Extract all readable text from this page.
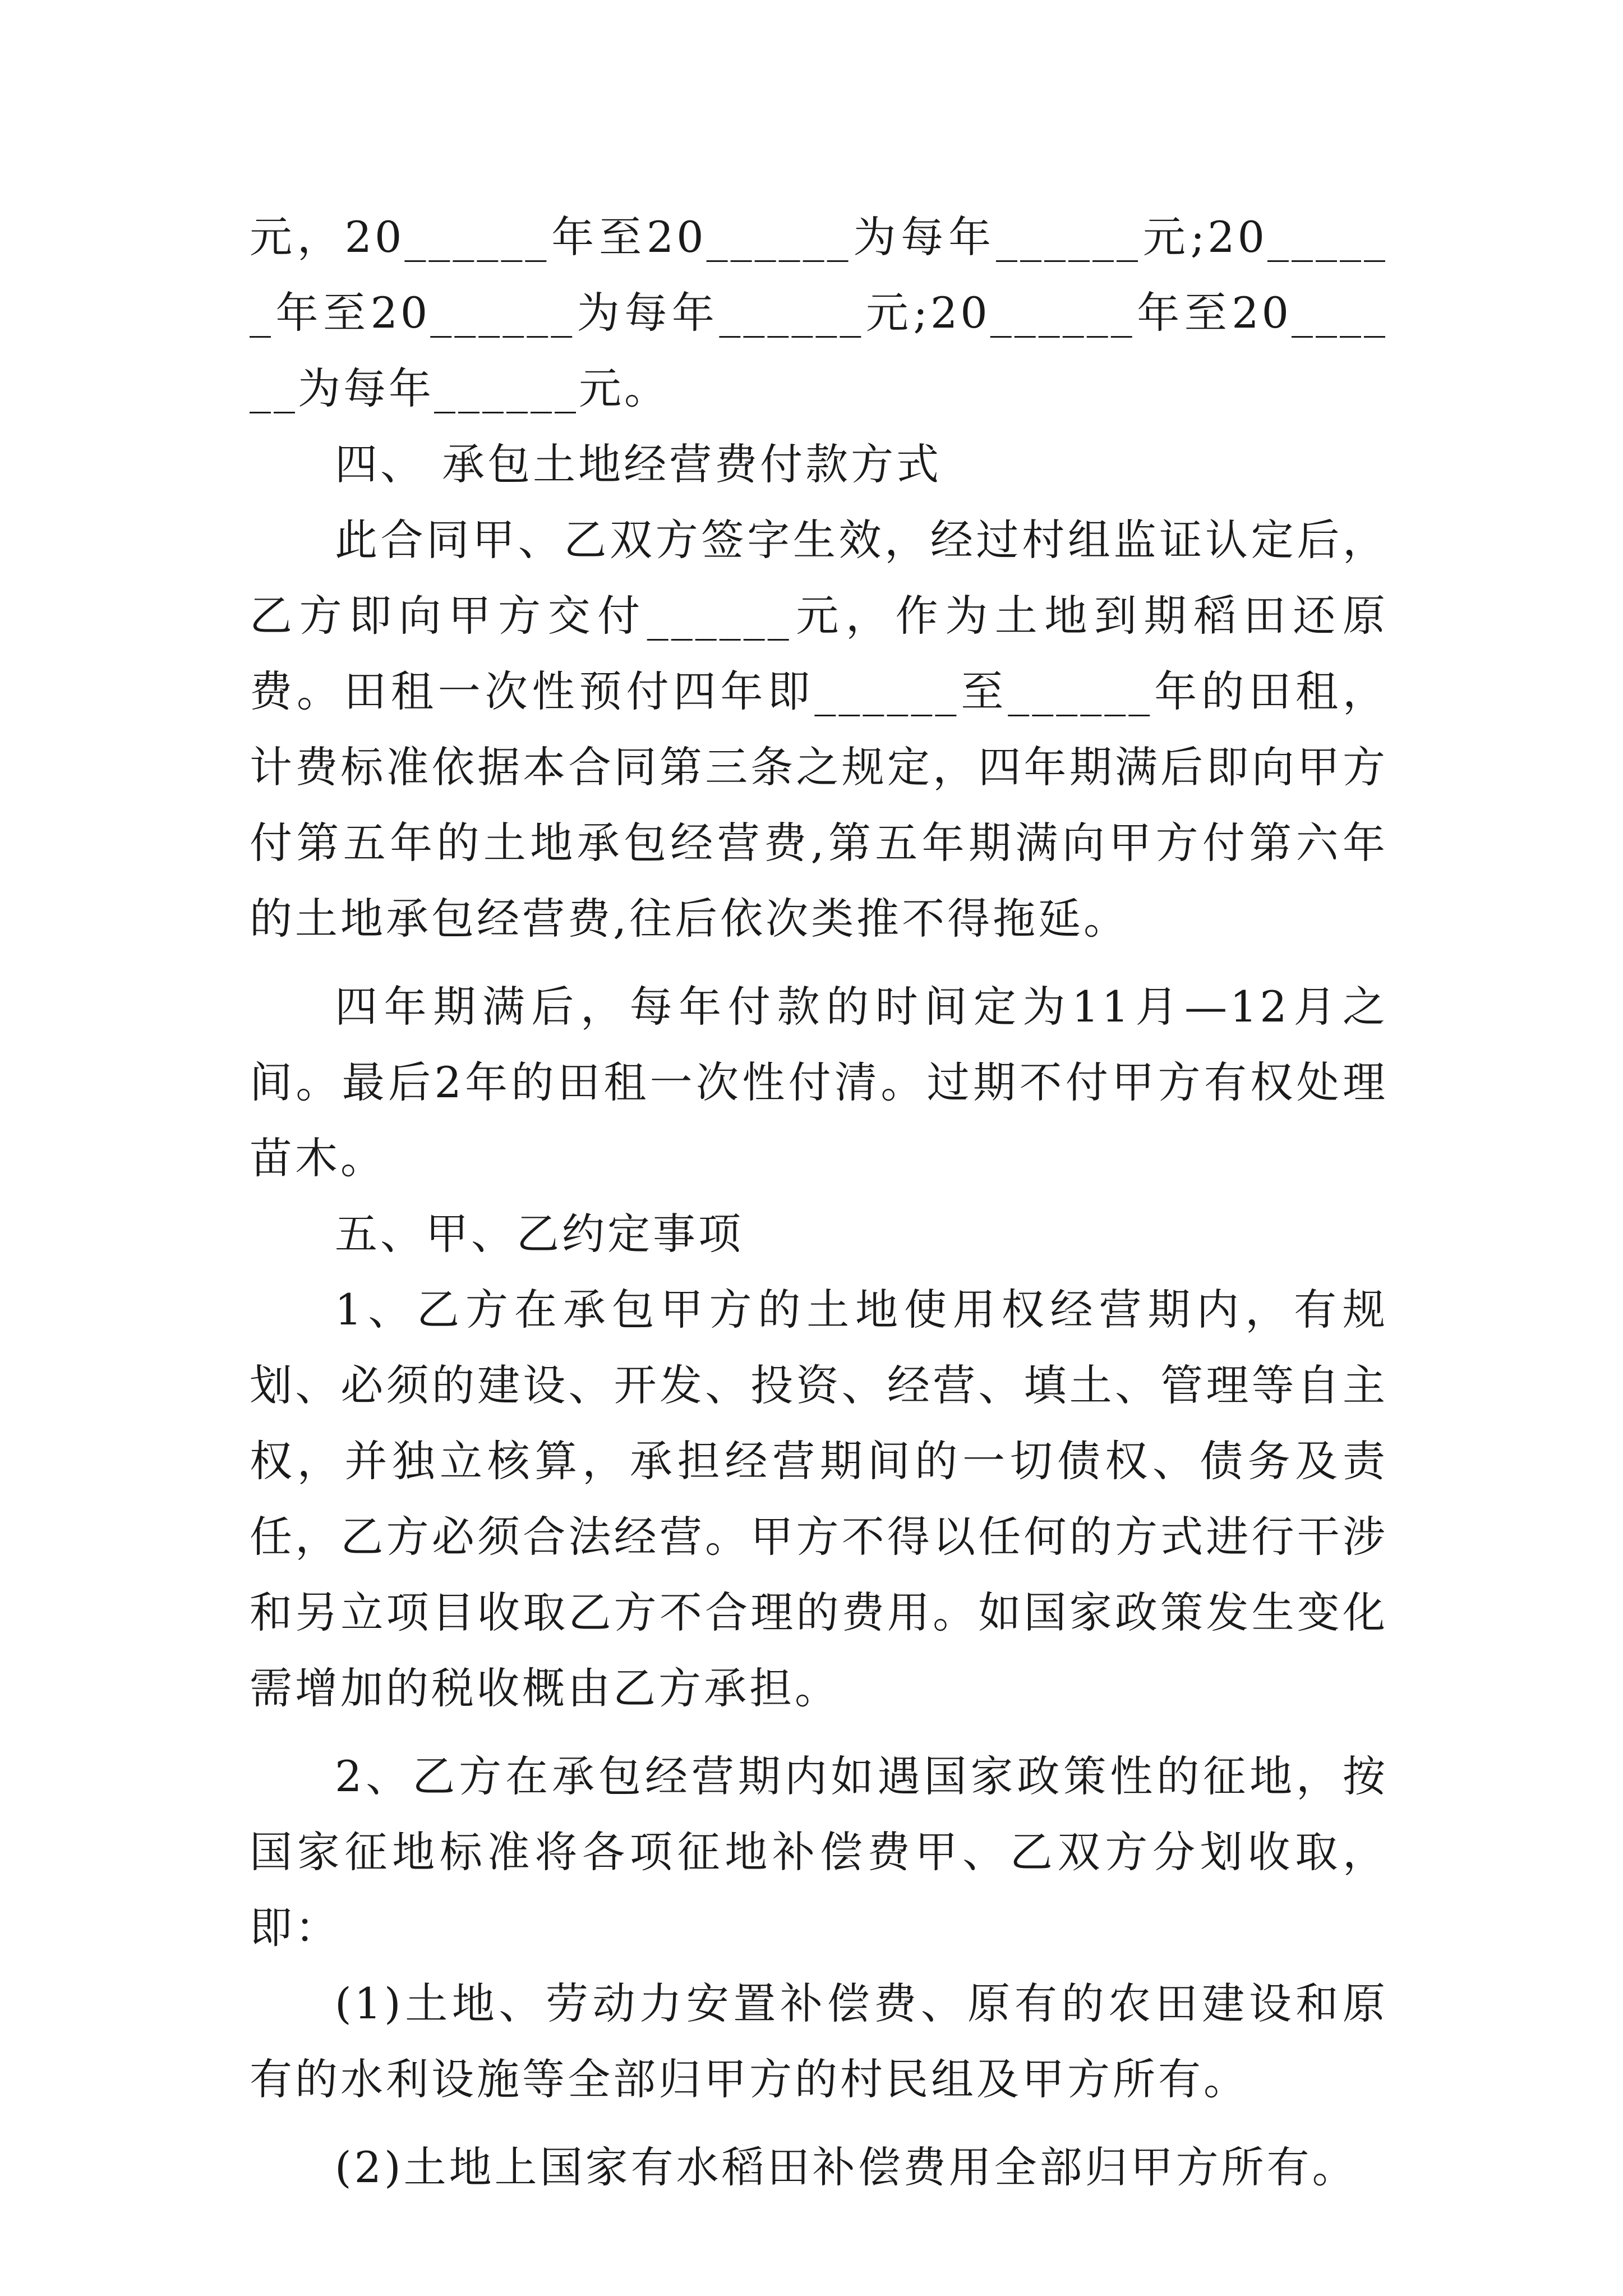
元，20______年至20______为每年______元;20______年至20______为每年______元;20______年至20______为每年______元。

四、 承包土地经营费付款方式

此合同甲、乙双方签字生效，经过村组监证认定后，乙方即向甲方交付______元，作为土地到期稻田还原费。田租一次性预付四年即______至______年的田租，计费标准依据本合同第三条之规定，四年期满后即向甲方付第五年的土地承包经营费,第五年期满向甲方付第六年的土地承包经营费,往后依次类推不得拖延。

四年期满后，每年付款的时间定为11月—12月之间。最后2年的田租一次性付清。过期不付甲方有权处理苗木。

五、甲、乙约定事项

1、乙方在承包甲方的土地使用权经营期内，有规划、必须的建设、开发、投资、经营、填土、管理等自主权，并独立核算，承担经营期间的一切债权、债务及责任，乙方必须合法经营。甲方不得以任何的方式进行干涉和另立项目收取乙方不合理的费用。如国家政策发生变化需增加的税收概由乙方承担。

2、乙方在承包经营期内如遇国家政策性的征地，按国家征地标准将各项征地补偿费甲、乙双方分划收取，即：

(1)土地、劳动力安置补偿费、原有的农田建设和原有的水利设施等全部归甲方的村民组及甲方所有。

(2)土地上国家有水稻田补偿费用全部归甲方所有。
